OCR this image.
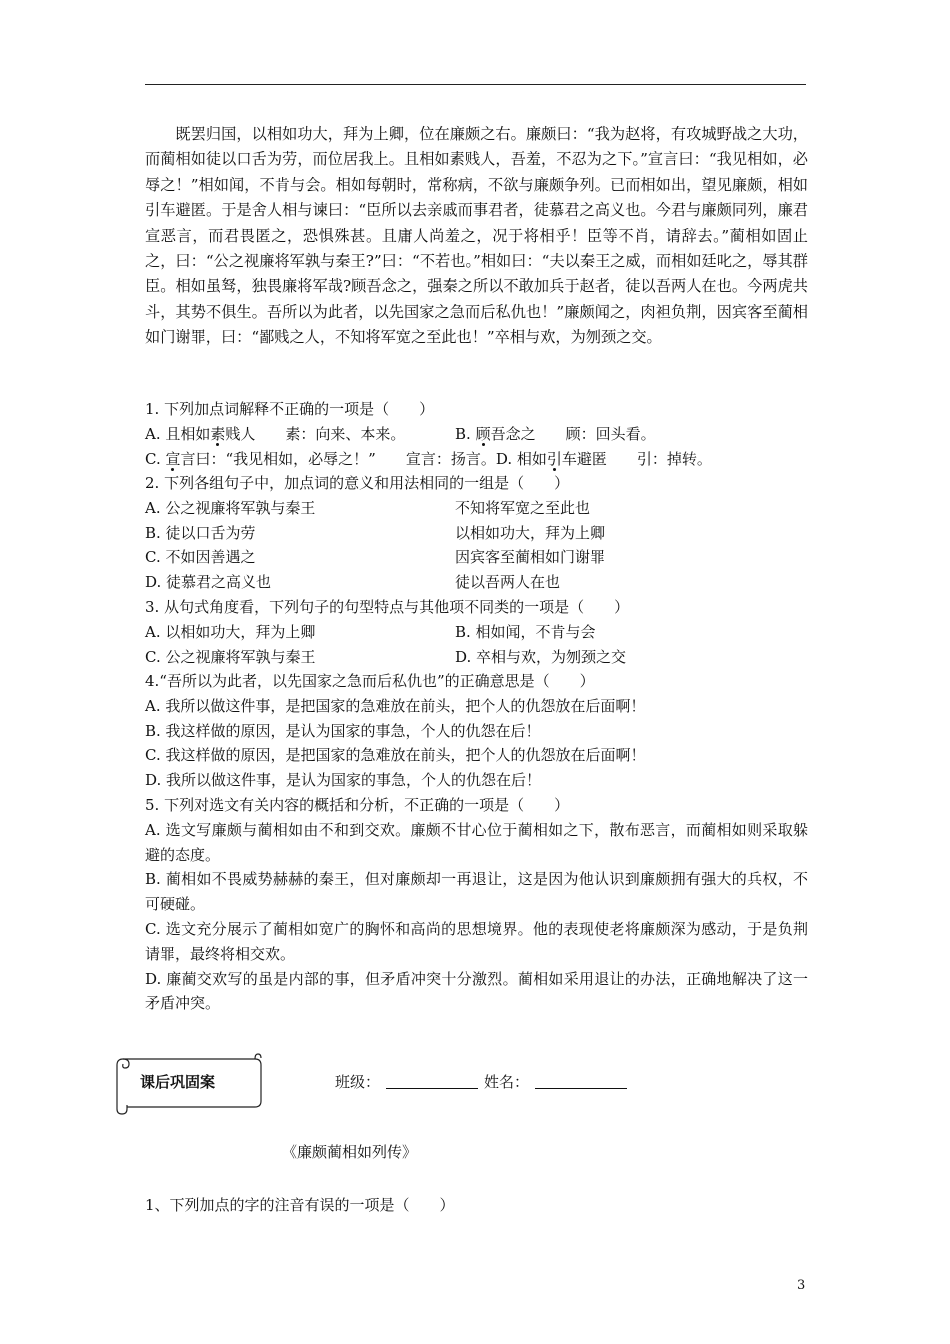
既罢归国，以相如功大，拜为上卿，位在廉颇之右。廉颇曰：“我为赵将，有攻城野战之大功，而蔺相如徒以口舌为劳，而位居我上。且相如素贱人，吾羞，不忍为之下。”宣言曰：“我见相如，必辱之！”相如闻，不肯与会。相如每朝时，常称病，不欲与廉颇争列。已而相如出，望见廉颇，相如引车避匿。于是舍人相与谏曰：“臣所以去亲戚而事君者，徒慕君之高义也。今君与廉颇同列，廉君宣恶言，而君畏匿之，恐惧殊甚。且庸人尚羞之，况于将相乎！臣等不肖，请辞去。”蔺相如固止之，曰：“公之视廉将军孰与秦王?”曰：“不若也。”相如曰：“夫以秦王之威，而相如廷叱之，辱其群臣。相如虽驽，独畏廉将军哉?顾吾念之，强秦之所以不敢加兵于赵者，徒以吾两人在也。今两虎共斗，其势不俱生。吾所以为此者，以先国家之急而后私仇也！”廉颇闻之，肉袒负荆，因宾客至蔺相如门谢罪，曰：“鄙贱之人，不知将军宽之至此也！”卒相与欢，为刎颈之交。

1. 下列加点词解释不正确的一项是（　　）
A. 且相如素贱人　　素：向来、本来。	B. 顾吾念之　　顾：回头看。
C. 宣言曰：“我见相如，必辱之！”　　宣言：扬言。D. 相如引车避匿　　引：掉转。
2. 下列各组句子中，加点词的意义和用法相同的一组是（　　）
A. 公之视廉将军孰与秦王	不知将军宽之至此也
B. 徒以口舌为劳	以相如功大，拜为上卿
C. 不如因善遇之	因宾客至蔺相如门谢罪
D. 徒慕君之高义也	徒以吾两人在也
3. 从句式角度看，下列句子的句型特点与其他项不同类的一项是（　　）
A. 以相如功大，拜为上卿	B. 相如闻，不肯与会
C. 公之视廉将军孰与秦王	D. 卒相与欢，为刎颈之交
4.“吾所以为此者，以先国家之急而后私仇也”的正确意思是（　　）
A. 我所以做这件事，是把国家的急难放在前头，把个人的仇怨放在后面啊！
B. 我这样做的原因，是认为国家的事急，个人的仇怨在后！
C. 我这样做的原因，是把国家的急难放在前头，把个人的仇怨放在后面啊！
D. 我所以做这件事，是认为国家的事急，个人的仇怨在后！
5. 下列对选文有关内容的概括和分析，不正确的一项是（　　）
A. 选文写廉颇与蔺相如由不和到交欢。廉颇不甘心位于蔺相如之下，散布恶言，而蔺相如则采取躲避的态度。
B. 蔺相如不畏威势赫赫的秦王，但对廉颇却一再退让，这是因为他认识到廉颇拥有强大的兵权，不可硬碰。
C. 选文充分展示了蔺相如宽广的胸怀和高尚的思想境界。他的表现使老将廉颇深为感动，于是负荆请罪，最终将相交欢。
D. 廉蔺交欢写的虽是内部的事，但矛盾冲突十分激烈。蔺相如采用退让的办法，正确地解决了这一矛盾冲突。
课后巩固案	班级：	姓名：
《廉颇蔺相如列传》
1、下列加点的字的注音有误的一项是（　　）
3
